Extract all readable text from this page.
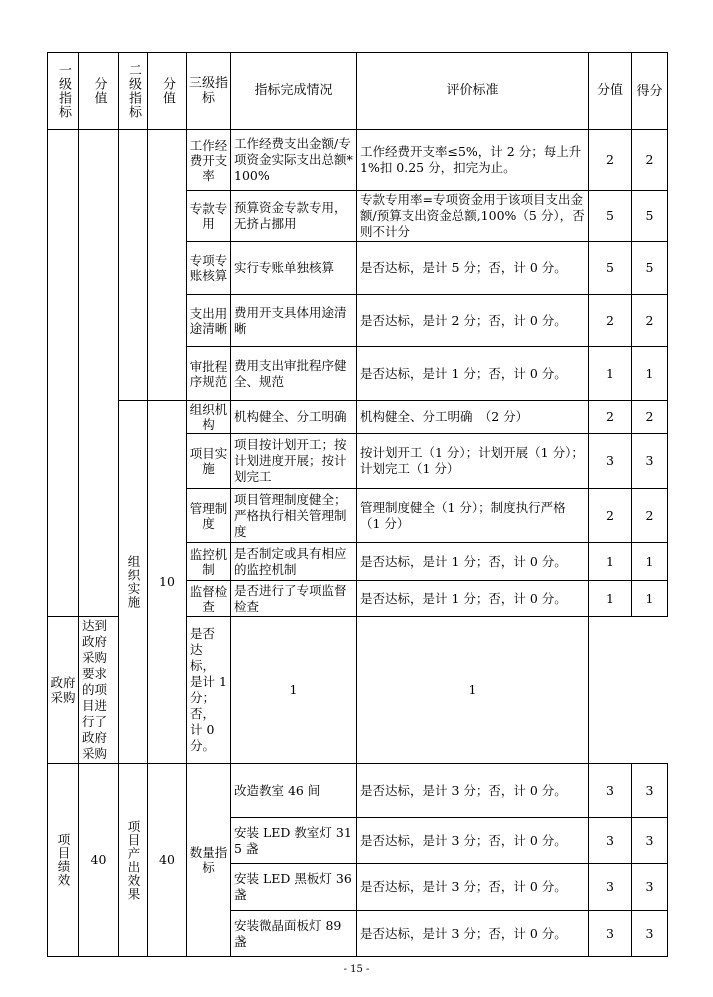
一级指标	分值	二级指标	分值	三级指标	指标完成情况	评价标准	分值	得分
				工作经费开支率	工作经费支出金额/专项资金实际支出总额*100%	工作经费开支率≤5%，计 2 分；每上升 1%扣 0.25 分，扣完为止。	2	2
				专款专用	预算资金专款专用，无挤占挪用	专款专用率=专项资金用于该项目支出金额/预算支出资金总额,100%（5 分），否则不计分	5	5
				专项专账核算	实行专账单独核算	是否达标，是计 5 分；否，计 0 分。	5	5
				支出用途清晰	费用开支具体用途清晰	是否达标，是计 2 分；否，计 0 分。	2	2
				审批程序规范	费用支出审批程序健全、规范	是否达标，是计 1 分；否，计 0 分。	1	1

		组织实施	10	组织机构	机构健全、分工明确	机构健全、分工明确　（2 分）	2	2
				项目实施	项目按计划开工；按计划进度开展；按计划完工	按计划开工（1 分）；计划开展（1 分）；计划完工（1 分）	3	3
				管理制度	项目管理制度健全；严格执行相关管理制度	管理制度健全（1 分）；制度执行严格（1 分）	2	2
				监控机制	是否制定或具有相应的监控机制	是否达标，是计 1 分；否，计 0 分。	1	1
				监督检查	是否进行了专项监督检查	是否达标，是计 1 分；否，计 0 分。	1	1
政府采购	达到政府采购要求的项目进行了政府采购			是否达标，是计 1 分；否，计 0 分。	1	1		

项目绩效	40	项目产出效果	40	数量指标	改造教室 46 间	是否达标，是计 3 分；否，计 0 分。	3	3
					安装 LED 教室灯 315 盏	是否达标，是计 3 分；否，计 0 分。	3	3
					安装 LED 黑板灯 36 盏	是否达标，是计 3 分；否，计 0 分。	3	3
					安装微晶面板灯 89 盏	是否达标，是计 3 分；否，计 0 分。	3	3
- 15 -
